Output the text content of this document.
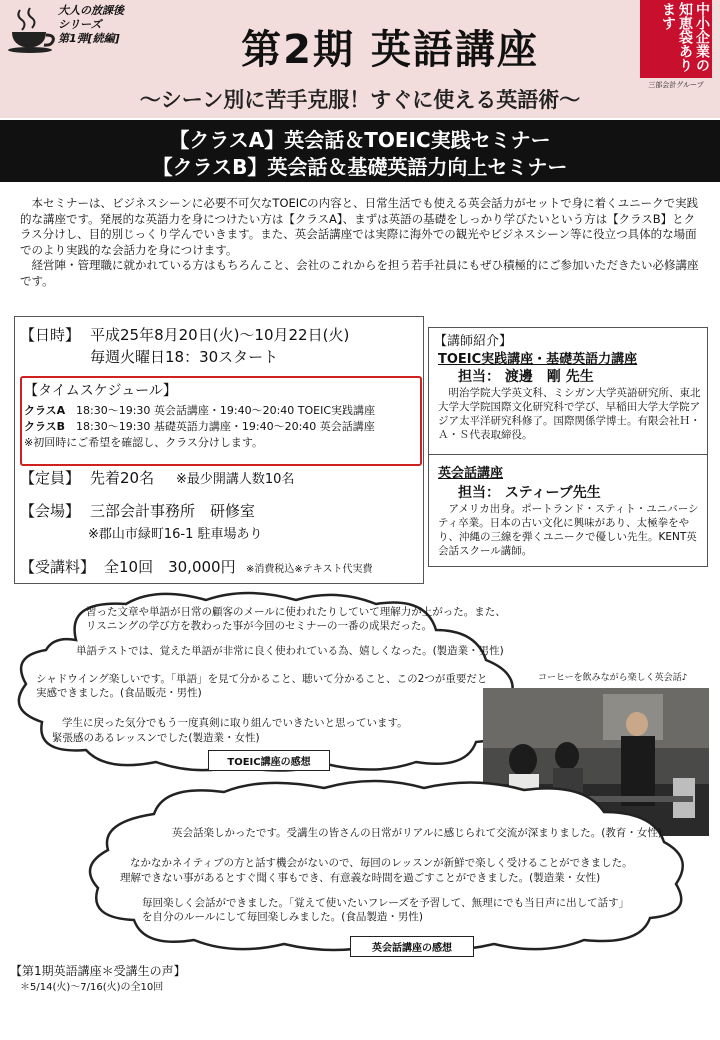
大人の放課後
シリーズ
第1弾[続編]	第2期 英語講座
～シーン別に苦手克服！すぐに使える英語術～
中小企業の知恵袋あります
三部会計グループ
【クラスA】英会話＆TOEIC実践セミナー
【クラスB】英会話＆基礎英語力向上セミナー

本セミナーは、ビジネスシーンに必要不可欠なTOEICの内容と、日常生活でも使える英会話力がセットで身に着くユニークで実践的な講座です。発展的な英語力を身につけたい方は【クラスA】、まずは英語の基礎をしっかり学びたいという方は【クラスB】とクラス分けし、目的別じっくり学んでいきます。また、英会話講座では実際に海外での観光やビジネスシーン等に役立つ具体的な場面でのより実践的な会話力を身につけます。

経営陣・管理職に就かれている方はもちろんこと、会社のこれからを担う若手社員にもぜひ積極的にご参加いただきたい必修講座です。

【日時】 平成25年8月20日(火)～10月22日(火)
毎週火曜日18：30スタート
【タイムスケジュール】
クラスA 18:30～19:30 英会話講座・19:40～20:40 TOEIC実践講座
クラスB 18:30～19:30 基礎英語力講座・19:40～20:40 英会話講座
※初回時にご希望を確認し、クラス分けします。
【定員】 先着20名 ※最少開講人数10名
【会場】 三部会計事務所　研修室
※郡山市緑町16-1 駐車場あり
【受講料】 全10回　30,000円 ※消費税込※テキスト代実費
【講師紹介】
TOEIC実践講座・基礎英語力講座
担当： 渡邊　剛 先生
明治学院大学英文科、ミシガン大学英語研究所、東北大学大学院国際文化研究科で学び、早稲田大学大学院アジア太平洋研究科修了。国際関係学博士。有限会社Ｈ・Ａ・Ｓ代表取締役。
英会話講座
担当： スティーブ先生
アメリカ出身。ポートランド・スティト・ユニバーシティ卒業。日本の古い文化に興味があり、太極拳をやり、沖縄の三線を弾くユニークで優しい先生。KENT英会話スクール講師。
習った文章や単語が日常の顧客のメールに使われたりしていて理解力が上がった。また、リスニングの学び方を教わった事が今回のセミナーの一番の成果だった。
単語テストでは、覚えた単語が非常に良く使われている為、嬉しくなった。(製造業・男性)
シャドウイング楽しいです。「単語」を見て分かること、聴いて分かること、この2つが重要だと実感できました。(食品販売・男性)
学生に戻った気分でもう一度真剣に取り組んでいきたいと思っています。
緊張感のあるレッスンでした(製造業・女性)
TOEIC講座の感想
コーヒーを飲みながら楽しく英会話♪
英会話楽しかったです。受講生の皆さんの日常がリアルに感じられて交流が深まりました。(教育・女性)
なかなかネイティブの方と話す機会がないので、毎回のレッスンが新鮮で楽しく受けることができました。
理解できない事があるとすぐ聞く事もでき、有意義な時間を過ごすことができました。(製造業・女性)
毎回楽しく会話ができました。｢覚えて使いたいフレーズを予習して、無理にでも当日声に出して話す｣を自分のルールにして毎回楽しみました。(食品製造・男性)
英会話講座の感想
【第1期英語講座＊受講生の声】
＊5/14(火)～7/16(火)の全10回
